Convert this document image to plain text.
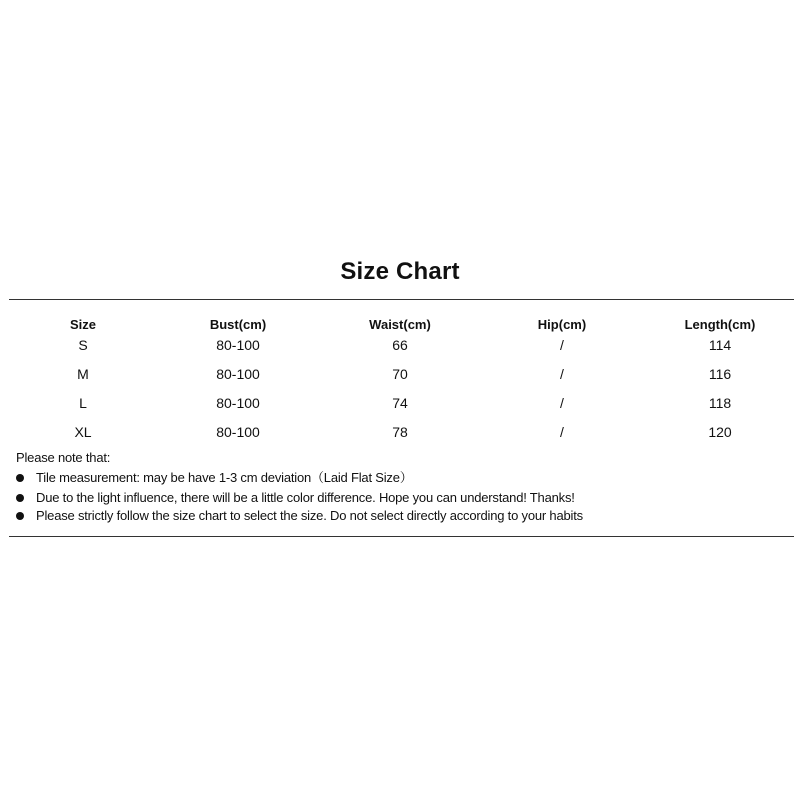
Size Chart
Size	Bust(cm)	Waist(cm)	Hip(cm)	Length(cm)
S	80-100	66	/	114
M	80-100	70	/	116
L	80-100	74	/	118
XL	80-100	78	/	120
Please note that:
Tile measurement: may be have 1-3 cm deviation（Laid Flat Size）
Due to the light influence, there will be a little color difference. Hope you can understand! Thanks!
Please strictly follow the size chart to select the size. Do not select directly according to your habits
